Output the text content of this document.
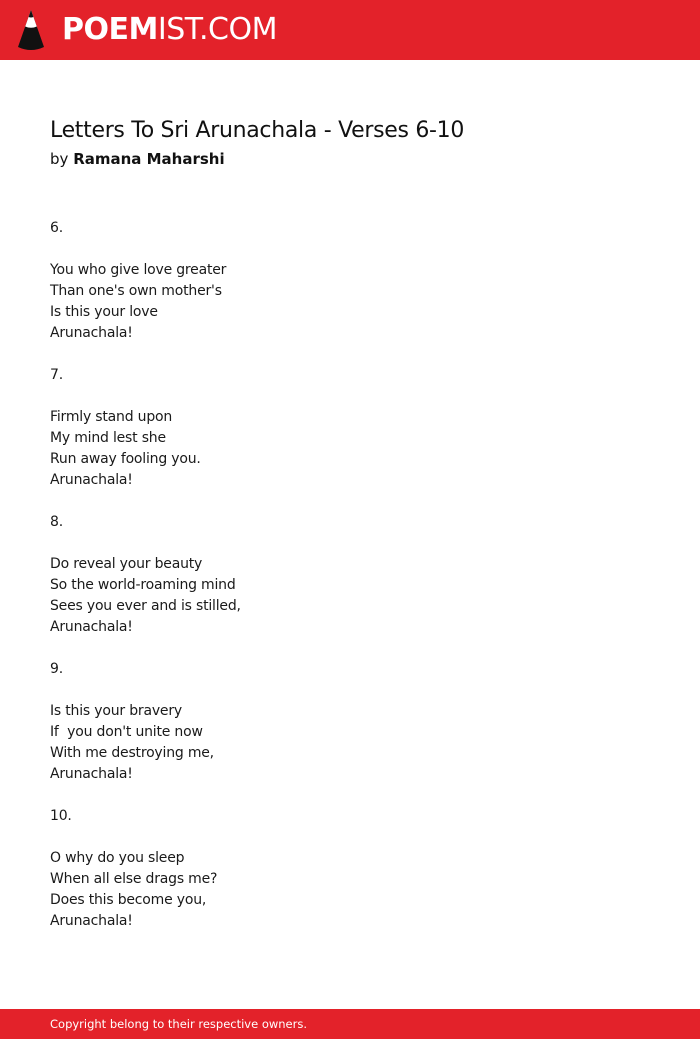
POEMIST.COM
Letters To Sri Arunachala - Verses 6-10
by Ramana Maharshi
6.
You who give love greater
Than one's own mother's
Is this your love
Arunachala!
7.
Firmly stand upon
My mind lest she
Run away fooling you.
Arunachala!
8.
Do reveal your beauty
So the world-roaming mind
Sees you ever and is stilled,
Arunachala!
9.
Is this your bravery
If  you don't unite now
With me destroying me,
Arunachala!
10.
O why do you sleep
When all else drags me?
Does this become you,
Arunachala!
Copyright belong to their respective owners.
